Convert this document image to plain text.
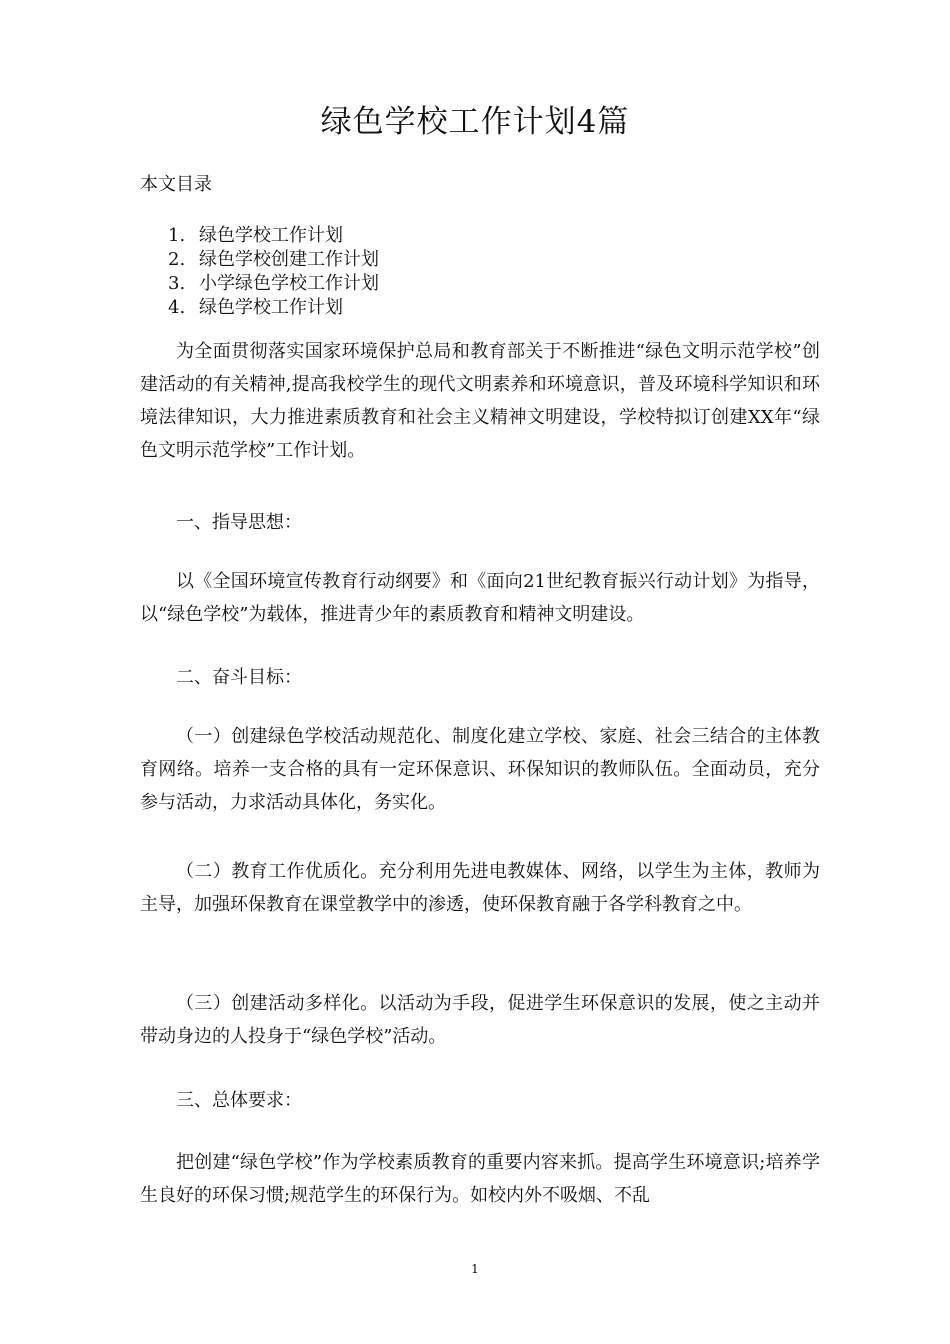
绿色学校工作计划4篇
本文目录
1. 绿色学校工作计划
2. 绿色学校创建工作计划
3. 小学绿色学校工作计划
4. 绿色学校工作计划

为全面贯彻落实国家环境保护总局和教育部关于不断推进“绿色文明示范学校”创建活动的有关精神,提高我校学生的现代文明素养和环境意识，普及环境科学知识和环境法律知识，大力推进素质教育和社会主义精神文明建设，学校特拟订创建XX年“绿色文明示范学校”工作计划。

一、指导思想：

以《全国环境宣传教育行动纲要》和《面向21世纪教育振兴行动计划》为指导，以“绿色学校”为载体，推进青少年的素质教育和精神文明建设。

二、奋斗目标：

（一）创建绿色学校活动规范化、制度化建立学校、家庭、社会三结合的主体教育网络。培养一支合格的具有一定环保意识、环保知识的教师队伍。全面动员，充分参与活动，力求活动具体化，务实化。

（二）教育工作优质化。充分利用先进电教媒体、网络，以学生为主体，教师为主导，加强环保教育在课堂教学中的渗透，使环保教育融于各学科教育之中。

（三）创建活动多样化。以活动为手段，促进学生环保意识的发展，使之主动并带动身边的人投身于“绿色学校”活动。

三、总体要求：

把创建“绿色学校”作为学校素质教育的重要内容来抓。提高学生环境意识;培养学生良好的环保习惯;规范学生的环保行为。如校内外不吸烟、不乱

1
